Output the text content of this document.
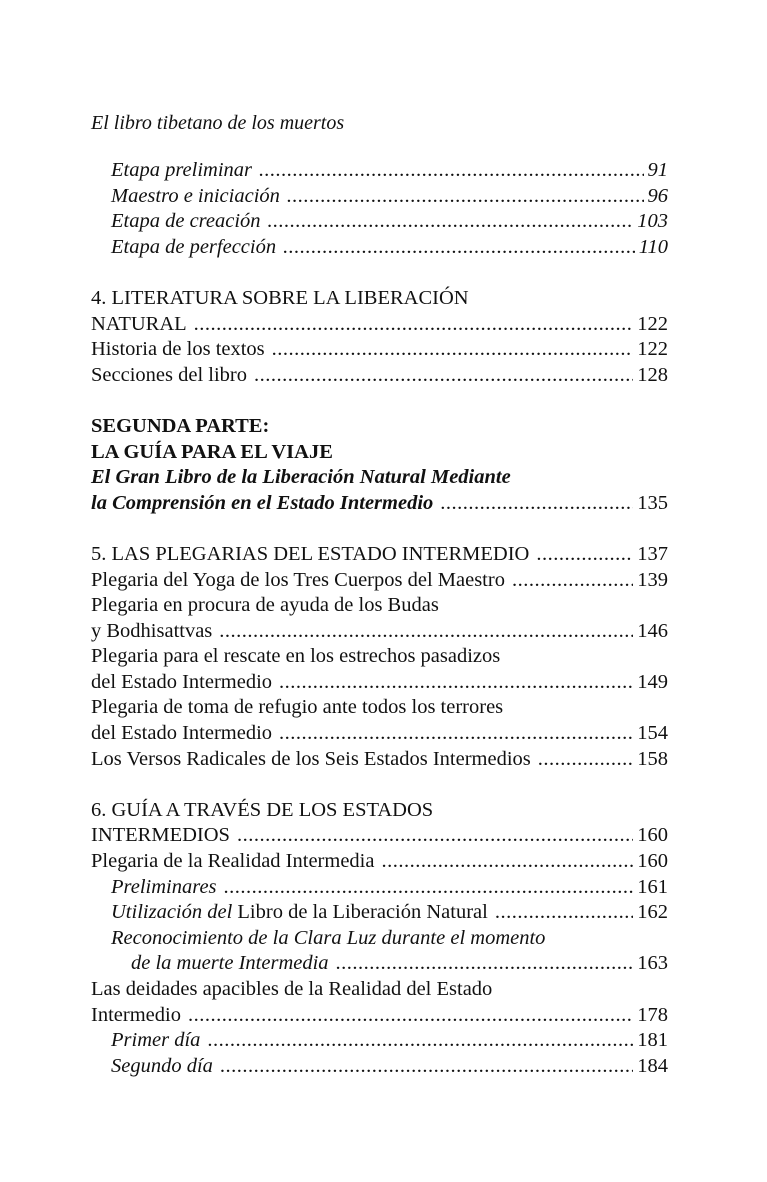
El libro tibetano de los muertos
Etapa preliminar .....	91
Maestro e iniciación .....	96
Etapa de creación .....	103
Etapa de perfección .....	110
4. LITERATURA SOBRE LA LIBERACIÓN
NATURAL .....	122
Historia de los textos .....	122
Secciones del libro .....	128
SEGUNDA PARTE:
LA GUÍA PARA EL VIAJE
El Gran Libro de la Liberación Natural Mediante
la Comprensión en el Estado Intermedio .....	135
5. LAS PLEGARIAS DEL ESTADO INTERMEDIO .....	137
Plegaria del Yoga de los Tres Cuerpos del Maestro .....	139
Plegaria en procura de ayuda de los Budas
y Bodhisattvas .....	146
Plegaria para el rescate en los estrechos pasadizos
del Estado Intermedio .....	149
Plegaria de toma de refugio ante todos los terrores
del Estado Intermedio .....	154
Los Versos Radicales de los Seis Estados Intermedios .....	158
6. GUÍA A TRAVÉS DE LOS ESTADOS
INTERMEDIOS .....	160
Plegaria de la Realidad Intermedia .....	160
Preliminares .....	161
Utilización del Libro de la Liberación Natural .....	162
Reconocimiento de la Clara Luz durante el momento
de la muerte Intermedia .....	163
Las deidades apacibles de la Realidad del Estado
Intermedio .....	178
Primer día .....	181
Segundo día .....	184
